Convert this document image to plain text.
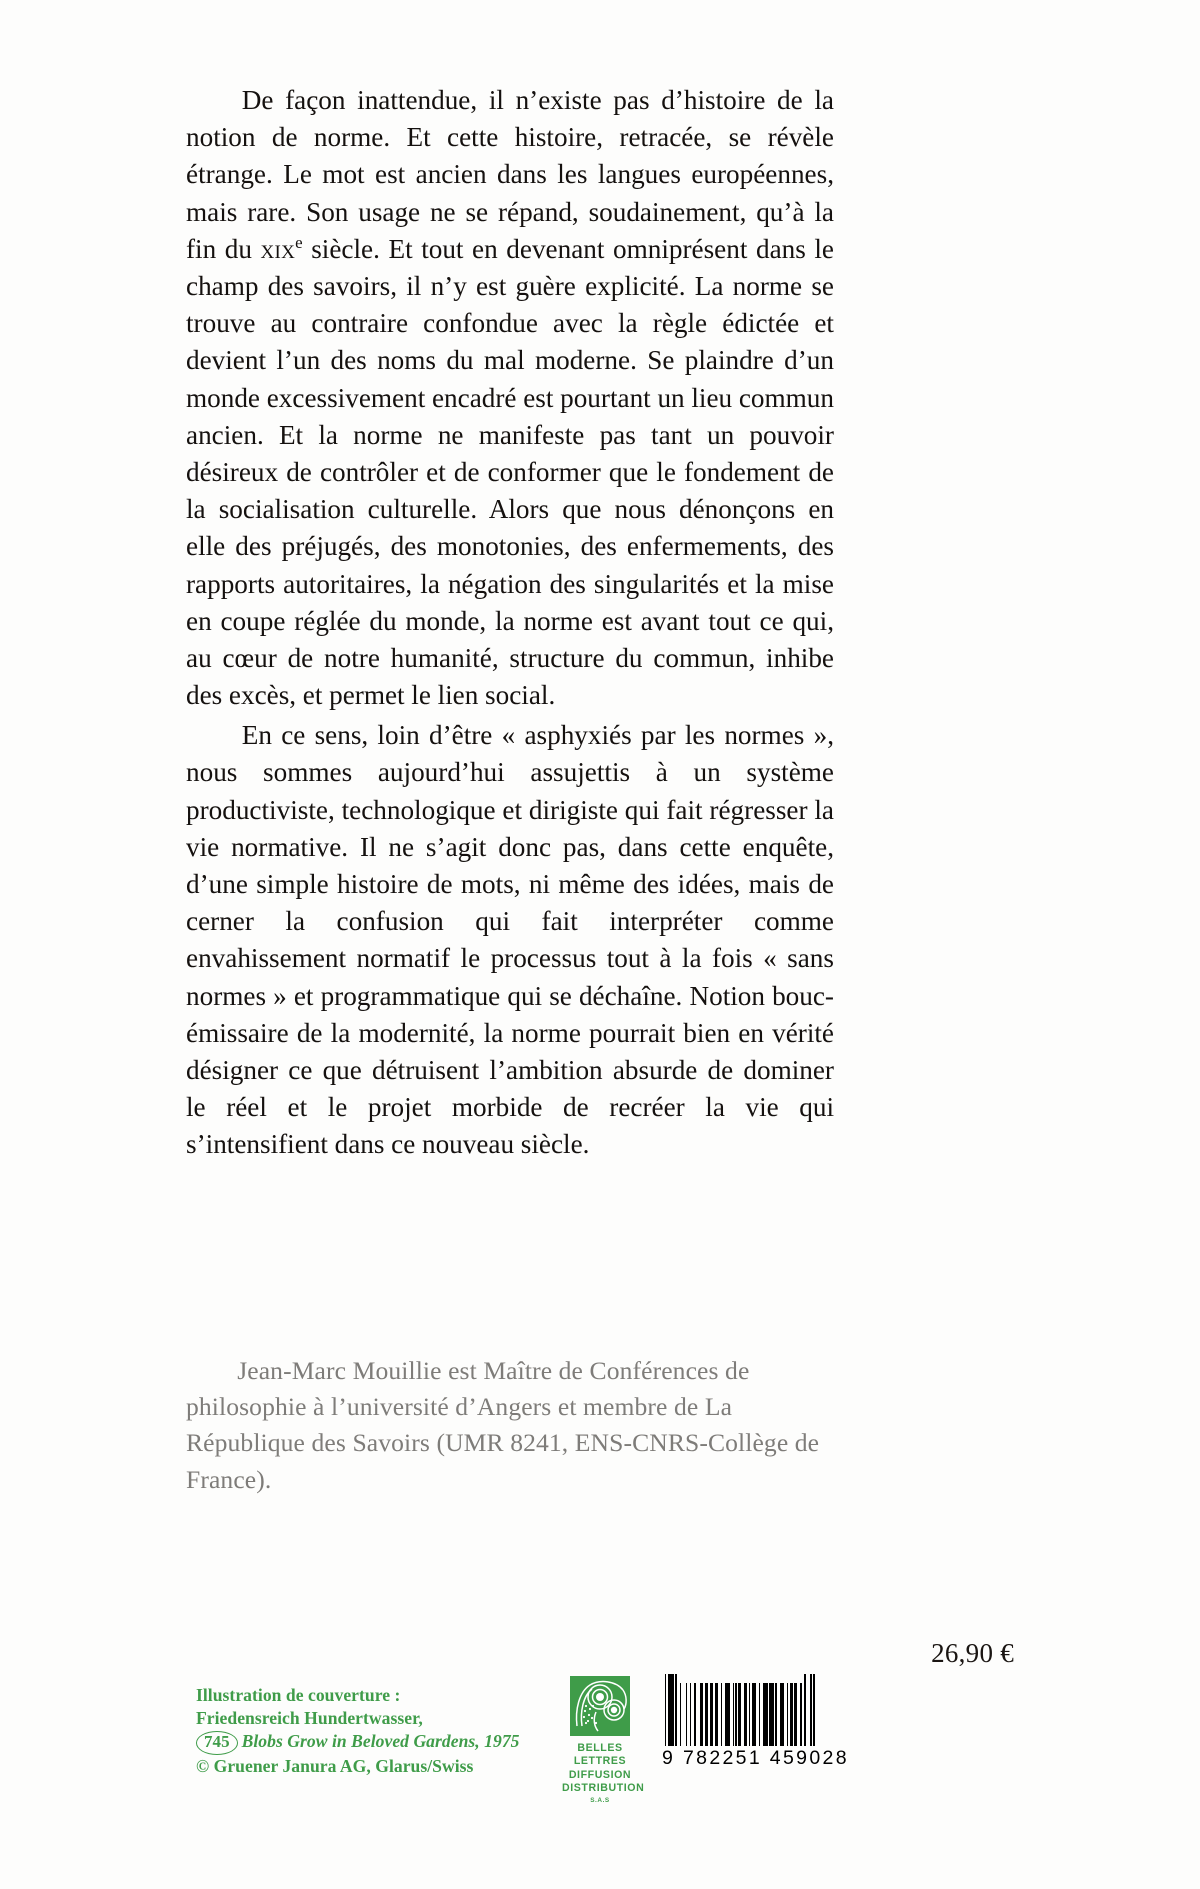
De façon inattendue, il n’existe pas d’histoire de la notion de norme. Et cette histoire, retracée, se révèle étrange. Le mot est ancien dans les langues européennes, mais rare. Son usage ne se répand, soudainement, qu’à la fin du xix$^e$ siècle. Et tout en devenant omniprésent dans le champ des savoirs, il n’y est guère explicité. La norme se trouve au contraire confondue avec la règle édictée et devient l’un des noms du mal moderne. Se plaindre d’un monde excessivement encadré est pourtant un lieu commun ancien. Et la norme ne manifeste pas tant un pouvoir désireux de contrôler et de conformer que le fondement de la socialisation culturelle. Alors que nous dénonçons en elle des préjugés, des monotonies, des enfermements, des rapports autoritaires, la négation des singularités et la mise en coupe réglée du monde, la norme est avant tout ce qui, au cœur de notre humanité, structure du commun, inhibe des excès, et permet le lien social.

En ce sens, loin d’être « asphyxiés par les normes », nous sommes aujourd’hui assujettis à un système productiviste, technologique et dirigiste qui fait régresser la vie normative. Il ne s’agit donc pas, dans cette enquête, d’une simple histoire de mots, ni même des idées, mais de cerner la confusion qui fait interpréter comme envahissement normatif le processus tout à la fois « sans normes » et programmatique qui se déchaîne. Notion bouc-émissaire de la modernité, la norme pourrait bien en vérité désigner ce que détruisent l’ambition absurde de dominer le réel et le projet morbide de recréer la vie qui s’intensifient dans ce nouveau siècle.

Jean-Marc Mouillie est Maître de Conférences de philosophie à l’université d’Angers et membre de La République des Savoirs (UMR 8241, ENS-CNRS-Collège de France).

26,90 €
Illustration de couverture :
Friedensreich Hundertwasser,
745 Blobs Grow in Beloved Gardens, 1975
© Gruener Janura AG, Glarus/Swiss
BELLES LETTRES
DIFFUSION
DISTRIBUTION
S.A.S
9 782251 459028
